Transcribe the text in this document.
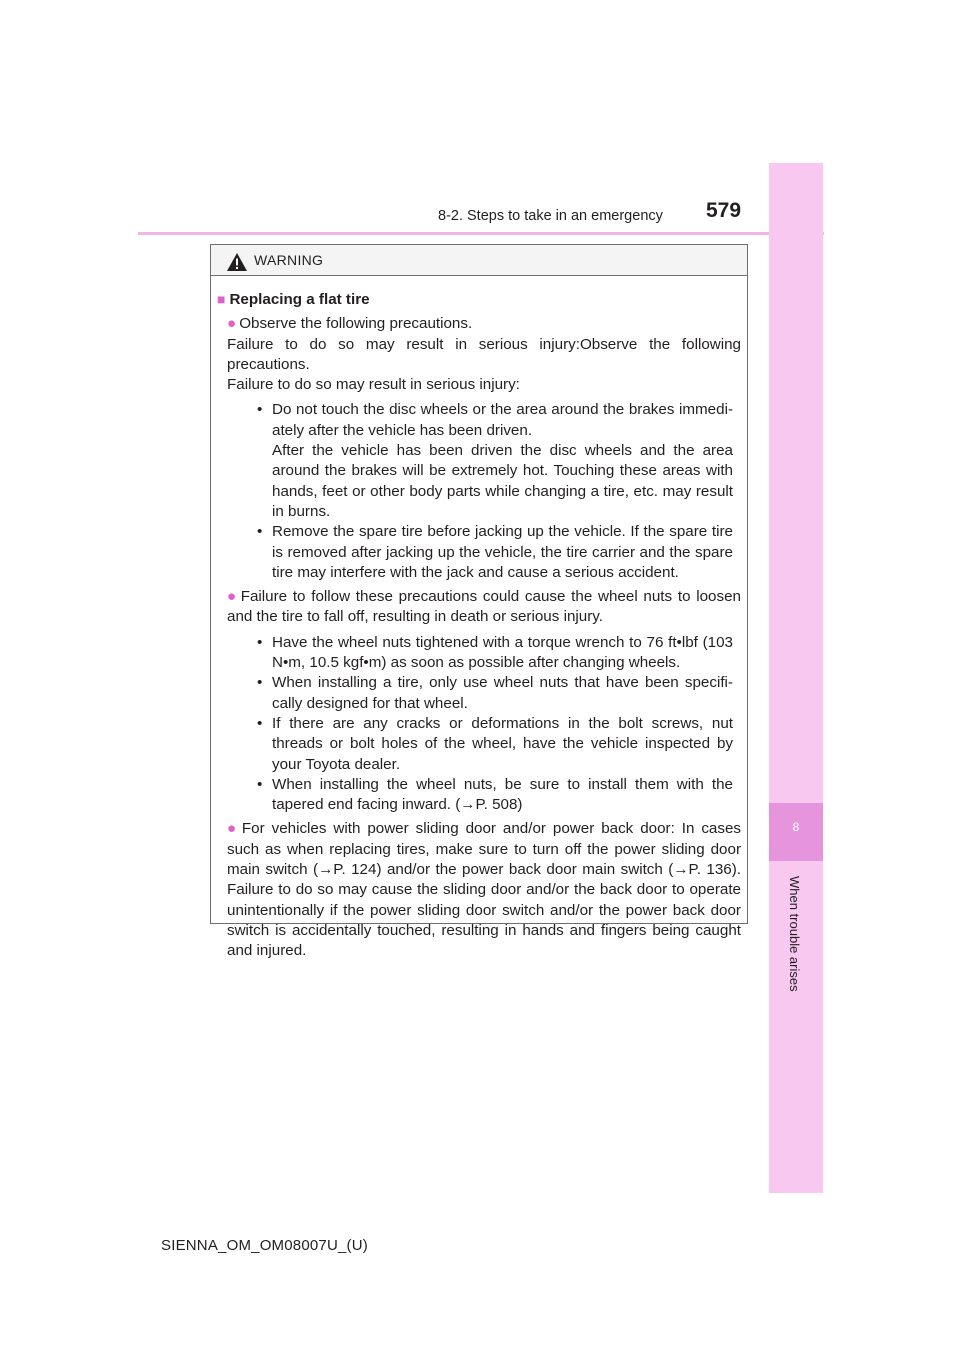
8-2. Steps to take in an emergency 579
8
When trouble arises
WARNING
■ Replacing a flat tire
● Observe the following precautions.
Failure to do so may result in serious injury:Observe the following precautions.
Failure to do so may result in serious injury:
• Do not touch the disc wheels or the area around the brakes immedi-ately after the vehicle has been driven.
After the vehicle has been driven the disc wheels and the area around the brakes will be extremely hot. Touching these areas with hands, feet or other body parts while changing a tire, etc. may result in burns.
• Remove the spare tire before jacking up the vehicle. If the spare tire is removed after jacking up the vehicle, the tire carrier and the spare tire may interfere with the jack and cause a serious accident.
● Failure to follow these precautions could cause the wheel nuts to loosen and the tire to fall off, resulting in death or serious injury.
• Have the wheel nuts tightened with a torque wrench to 76 ft•lbf (103 N•m, 10.5 kgf•m) as soon as possible after changing wheels.
• When installing a tire, only use wheel nuts that have been specifi-cally designed for that wheel.
• If there are any cracks or deformations in the bolt screws, nut threads or bolt holes of the wheel, have the vehicle inspected by your Toyota dealer.
• When installing the wheel nuts, be sure to install them with the tapered end facing inward. (→P. 508)
● For vehicles with power sliding door and/or power back door: In cases such as when replacing tires, make sure to turn off the power sliding door main switch (→P. 124) and/or the power back door main switch (→P. 136). Failure to do so may cause the sliding door and/or the back door to operate unintentionally if the power sliding door switch and/or the power back door switch is accidentally touched, resulting in hands and fingers being caught and injured.
SIENNA_OM_OM08007U_(U)
